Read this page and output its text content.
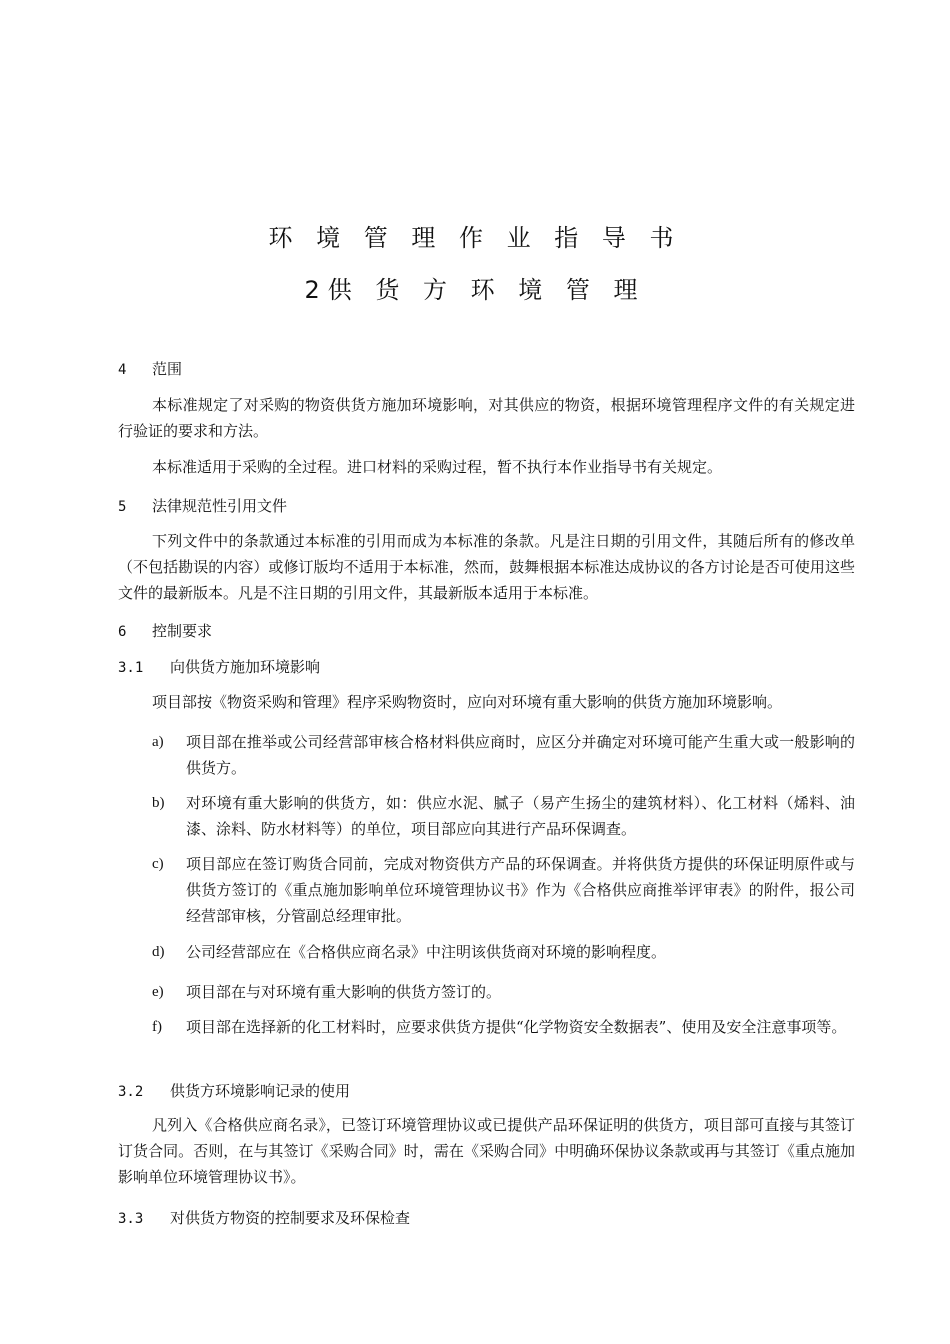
环 境 管 理 作 业 指 导 书
2供 货 方 环 境 管 理
4 范围
本标准规定了对采购的物资供货方施加环境影响，对其供应的物资，根据环境管理程序文件的有关规定进行验证的要求和方法。
本标准适用于采购的全过程。进口材料的采购过程，暂不执行本作业指导书有关规定。
5 法律规范性引用文件
下列文件中的条款通过本标准的引用而成为本标准的条款。凡是注日期的引用文件，其随后所有的修改单（不包括勘误的内容）或修订版均不适用于本标准，然而，鼓舞根据本标准达成协议的各方讨论是否可使用这些文件的最新版本。凡是不注日期的引用文件，其最新版本适用于本标准。
6 控制要求
3.1 向供货方施加环境影响
项目部按《物资采购和管理》程序采购物资时，应向对环境有重大影响的供货方施加环境影响。
a)	项目部在推举或公司经营部审核合格材料供应商时，应区分并确定对环境可能产生重大或一般影响的供货方。
b)	对环境有重大影响的供货方，如：供应水泥、腻子（易产生扬尘的建筑材料）、化工材料（烯料、油漆、涂料、防水材料等）的单位，项目部应向其进行产品环保调查。
c)	项目部应在签订购货合同前，完成对物资供方产品的环保调查。并将供货方提供的环保证明原件或与供货方签订的《重点施加影响单位环境管理协议书》作为《合格供应商推举评审表》的附件，报公司经营部审核，分管副总经理审批。
d)	公司经营部应在《合格供应商名录》中注明该供货商对环境的影响程度。
e)	项目部在与对环境有重大影响的供货方签订的。
f)	项目部在选择新的化工材料时，应要求供货方提供“化学物资安全数据表”、使用及安全注意事项等。
3.2 供货方环境影响记录的使用
凡列入《合格供应商名录》，已签订环境管理协议或已提供产品环保证明的供货方，项目部可直接与其签订订货合同。否则，在与其签订《采购合同》时，需在《采购合同》中明确环保协议条款或再与其签订《重点施加影响单位环境管理协议书》。
3.3 对供货方物资的控制要求及环保检查
